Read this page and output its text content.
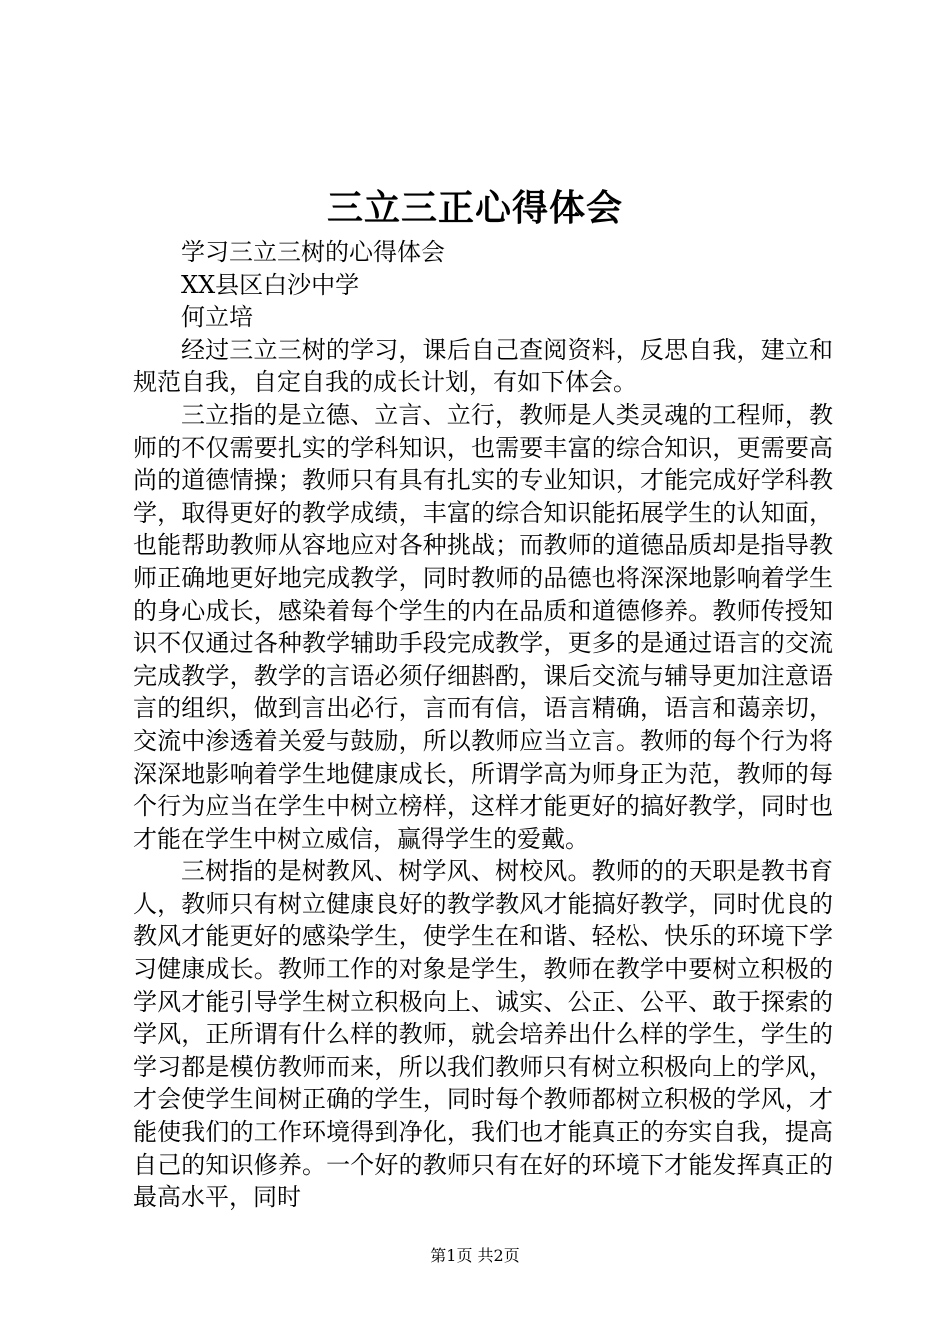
三立三正心得体会

学习三立三树的心得体会

XX县区白沙中学

何立培

经过三立三树的学习，课后自己查阅资料，反思自我，建立和规范自我，自定自我的成长计划，有如下体会。

三立指的是立德、立言、立行，教师是人类灵魂的工程师，教师的不仅需要扎实的学科知识，也需要丰富的综合知识，更需要高尚的道德情操；教师只有具有扎实的专业知识，才能完成好学科教学，取得更好的教学成绩，丰富的综合知识能拓展学生的认知面，也能帮助教师从容地应对各种挑战；而教师的道德品质却是指导教师正确地更好地完成教学，同时教师的品德也将深深地影响着学生的身心成长，感染着每个学生的内在品质和道德修养。教师传授知识不仅通过各种教学辅助手段完成教学，更多的是通过语言的交流完成教学，教学的言语必须仔细斟酌，课后交流与辅导更加注意语言的组织，做到言出必行，言而有信，语言精确，语言和蔼亲切，交流中渗透着关爱与鼓励，所以教师应当立言。教师的每个行为将深深地影响着学生地健康成长，所谓学高为师身正为范，教师的每个行为应当在学生中树立榜样，这样才能更好的搞好教学，同时也才能在学生中树立威信，赢得学生的爱戴。

三树指的是树教风、树学风、树校风。教师的的天职是教书育人，教师只有树立健康良好的教学教风才能搞好教学，同时优良的教风才能更好的感染学生，使学生在和谐、轻松、快乐的环境下学习健康成长。教师工作的对象是学生，教师在教学中要树立积极的学风才能引导学生树立积极向上、诚实、公正、公平、敢于探索的学风，正所谓有什么样的教师，就会培养出什么样的学生，学生的学习都是模仿教师而来，所以我们教师只有树立积极向上的学风，才会使学生间树正确的学生，同时每个教师都树立积极的学风，才能使我们的工作环境得到净化，我们也才能真正的夯实自我，提高自己的知识修养。一个好的教师只有在好的环境下才能发挥真正的最高水平，同时

第1页 共2页
